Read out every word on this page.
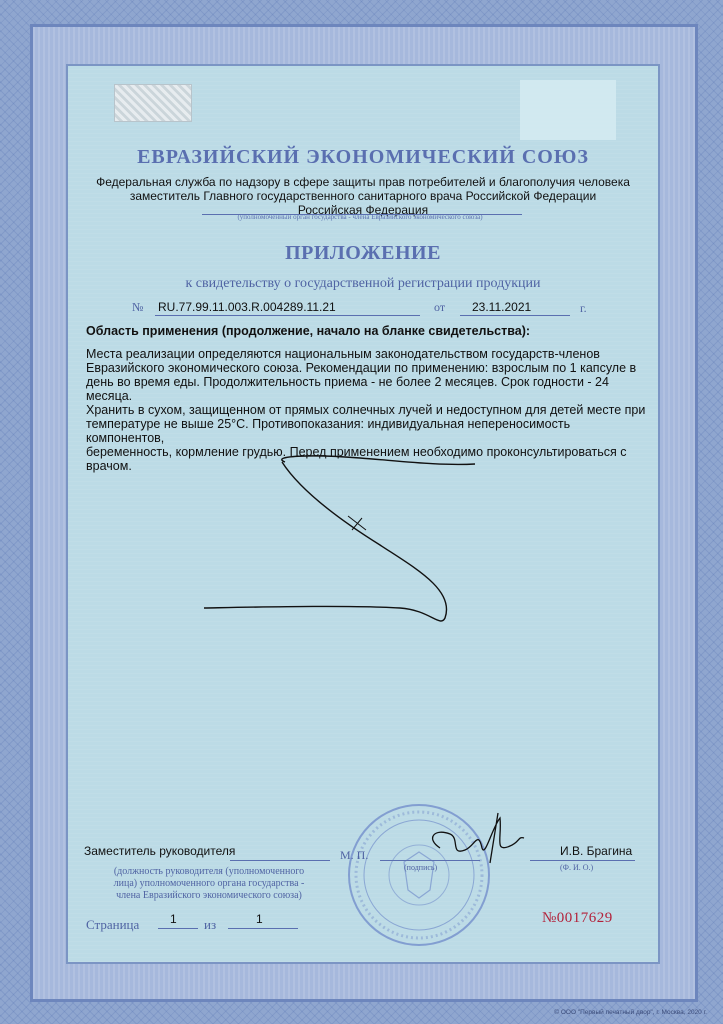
ЕВРАЗИЙСКИЙ ЭКОНОМИЧЕСКИЙ СОЮЗ
Федеральная служба по надзору в сфере защиты прав потребителей и благополучия человека
заместитель Главного государственного санитарного врача Российской Федерации
Российская Федерация
(уполномоченный орган государства - члена Евразийского экономического союза)
ПРИЛОЖЕНИЕ
к свидетельству о государственной регистрации продукции
№ RU.77.99.11.003.R.004289.11.21	от 23.11.2021	г.
Область применения (продолжение, начало на бланке свидетельства):
Места реализации определяются национальным законодательством государств-членов
Евразийского экономического союза. Рекомендации по применению: взрослым по 1 капсуле в
день во время еды. Продолжительность приема - не более 2 месяцев. Срок годности - 24 месяца.
Хранить в сухом, защищенном от прямых солнечных лучей и недоступном для детей месте при
температуре не выше 25°C. Противопоказания: индивидуальная непереносимость компонентов,
беременность, кормление грудью. Перед применением необходимо проконсультироваться с
врачом.
Заместитель руководителя	М. П.	И.В. Брагина
(подпись)	(Ф. И. О.)
(должность руководителя (уполномоченного
лица) уполномоченного органа государства -
члена Евразийского экономического союза)
Страница	1 из	1	№0017629
© ООО "Первый печатный двор", г. Москва, 2020 г.
